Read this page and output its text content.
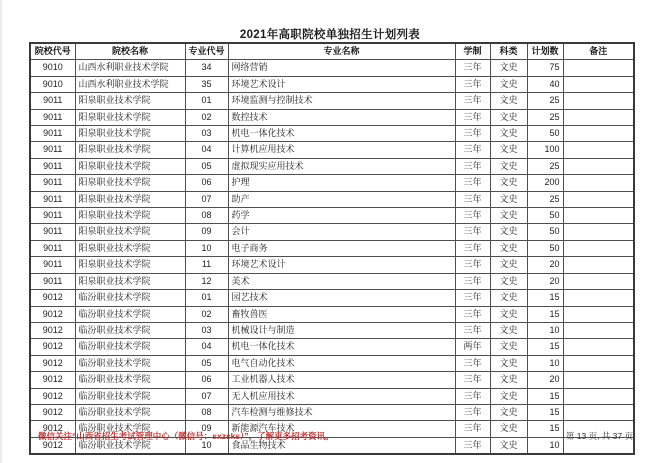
2021年高职院校单独招生计划列表
院校代号	院校名称	专业代号	专业名称	学制	科类	计划数	备注
9010	山西水利职业技术学院	34	网络营销	三年	文史	75	
9010	山西水利职业技术学院	35	环境艺术设计	三年	文史	40	
9011	阳泉职业技术学院	01	环境监测与控制技术	三年	文史	25	
9011	阳泉职业技术学院	02	数控技术	三年	文史	25	
9011	阳泉职业技术学院	03	机电一体化技术	三年	文史	50	
9011	阳泉职业技术学院	04	计算机应用技术	三年	文史	100	
9011	阳泉职业技术学院	05	虚拟现实应用技术	三年	文史	25	
9011	阳泉职业技术学院	06	护理	三年	文史	200	
9011	阳泉职业技术学院	07	助产	三年	文史	25	
9011	阳泉职业技术学院	08	药学	三年	文史	50	
9011	阳泉职业技术学院	09	会计	三年	文史	50	
9011	阳泉职业技术学院	10	电子商务	三年	文史	50	
9011	阳泉职业技术学院	11	环境艺术设计	三年	文史	20	
9011	阳泉职业技术学院	12	美术	三年	文史	20	
9012	临汾职业技术学院	01	园艺技术	三年	文史	15	
9012	临汾职业技术学院	02	畜牧兽医	三年	文史	15	
9012	临汾职业技术学院	03	机械设计与制造	三年	文史	10	
9012	临汾职业技术学院	04	机电一体化技术	两年	文史	15	
9012	临汾职业技术学院	05	电气自动化技术	三年	文史	10	
9012	临汾职业技术学院	06	工业机器人技术	三年	文史	20	
9012	临汾职业技术学院	07	无人机应用技术	三年	文史	15	
9012	临汾职业技术学院	08	汽车检测与维修技术	三年	文史	15	
9012	临汾职业技术学院	09	新能源汽车技术	三年	文史	15	
9012	临汾职业技术学院	10	食品生物技术	三年	文史	10	
微信关注“山西省招生考试管理中心（微信号：sxzsks）”，了解更多招考资讯。	第 13 页, 共 37 页
